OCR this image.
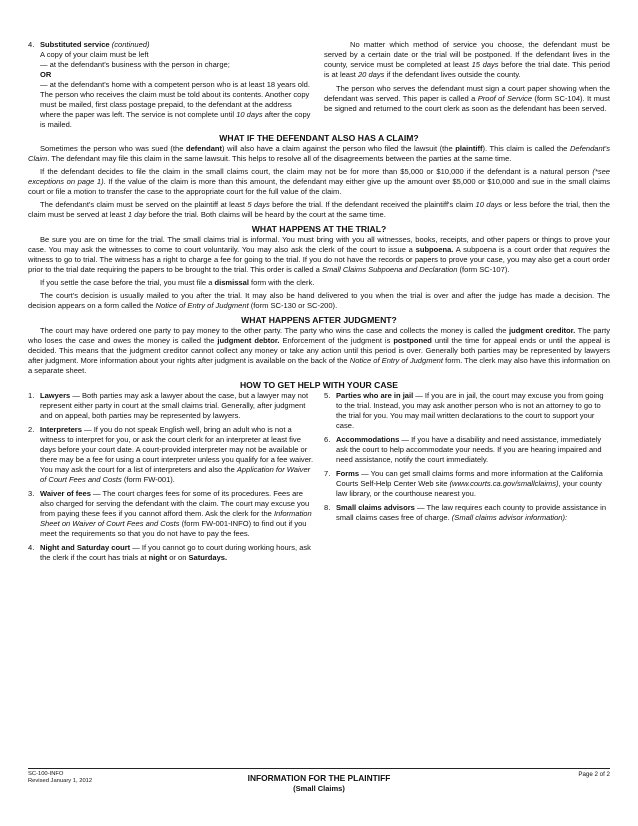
4. Substituted service (continued)

A copy of your claim must be left

— at the defendant's business with the person in charge;

OR

— at the defendant's home with a competent person who is at least 18 years old. The person who receives the claim must be told about its contents. Another copy must be mailed, first class postage prepaid, to the defendant at the address where the paper was left. The service is not complete until 10 days after the copy is mailed.

No matter which method of service you choose, the defendant must be served by a certain date or the trial will be postponed. If the defendant lives in the county, service must be completed at least 15 days before the trial date. This period is at least 20 days if the defendant lives outside the county.

The person who serves the defendant must sign a court paper showing when the defendant was served. This paper is called a Proof of Service (form SC-104). It must be signed and returned to the court clerk as soon as the defendant has been served.

WHAT IF THE DEFENDANT ALSO HAS A CLAIM?

Sometimes the person who was sued (the defendant) will also have a claim against the person who filed the lawsuit (the plaintiff). This claim is called the Defendant's Claim. The defendant may file this claim in the same lawsuit. This helps to resolve all of the disagreements between the parties at the same time.

If the defendant decides to file the claim in the small claims court, the claim may not be for more than $5,000 or $10,000 if the defendant is a natural person (*see exceptions on page 1). If the value of the claim is more than this amount, the defendant may either give up the amount over $5,000 or $10,000 and sue in the small claims court or file a motion to transfer the case to the appropriate court for the full value of the claim.

The defendant's claim must be served on the plaintiff at least 5 days before the trial. If the defendant received the plaintiff's claim 10 days or less before the trial, then the claim must be served at least 1 day before the trial. Both claims will be heard by the court at the same time.

WHAT HAPPENS AT THE TRIAL?

Be sure you are on time for the trial. The small claims trial is informal. You must bring with you all witnesses, books, receipts, and other papers or things to prove your case. You may ask the witnesses to come to court voluntarily. You may also ask the clerk of the court to issue a subpoena. A subpoena is a court order that requires the witness to go to trial. The witness has a right to charge a fee for going to the trial. If you do not have the records or papers to prove your case, you may also get a court order prior to the trial date requiring the papers to be brought to the trial. This order is called a Small Claims Subpoena and Declaration (form SC-107).

If you settle the case before the trial, you must file a dismissal form with the clerk.

The court's decision is usually mailed to you after the trial. It may also be hand delivered to you when the trial is over and after the judge has made a decision. The decision appears on a form called the Notice of Entry of Judgment (form SC-130 or SC-200).

WHAT HAPPENS AFTER JUDGMENT?

The court may have ordered one party to pay money to the other party. The party who wins the case and collects the money is called the judgment creditor. The party who loses the case and owes the money is called the judgment debtor. Enforcement of the judgment is postponed until the time for appeal ends or until the appeal is decided. This means that the judgment creditor cannot collect any money or take any action until this period is over. Generally both parties may be represented by lawyers after judgment. More information about your rights after judgment is available on the back of the Notice of Entry of Judgment form. The clerk may also have this information on a separate sheet.

HOW TO GET HELP WITH YOUR CASE
1. Lawyers — Both parties may ask a lawyer about the case, but a lawyer may not represent either party in court at the small claims trial. Generally, after judgment and on appeal, both parties may be represented by lawyers.

2. Interpreters — If you do not speak English well, bring an adult who is not a witness to interpret for you, or ask the court clerk for an interpreter at least five days before your court date. A court-provided interpreter may not be available or there may be a fee for using a court interpreter unless you qualify for a fee waiver. You may ask the court for a list of interpreters and also the Application for Waiver of Court Fees and Costs (form FW-001).

3. Waiver of fees — The court charges fees for some of its procedures. Fees are also charged for serving the defendant with the claim. The court may excuse you from paying these fees if you cannot afford them. Ask the clerk for the Information Sheet on Waiver of Court Fees and Costs (form FW-001-INFO) to find out if you meet the requirements so that you do not have to pay the fees.

4. Night and Saturday court — If you cannot go to court during working hours, ask the clerk if the court has trials at night or on Saturdays.

5. Parties who are in jail — If you are in jail, the court may excuse you from going to the trial. Instead, you may ask another person who is not an attorney to go to the trial for you. You may mail written declarations to the court to support your case.

6. Accommodations — If you have a disability and need assistance, immediately ask the court to help accommodate your needs. If you are hearing impaired and need assistance, notify the court immediately.

7. Forms — You can get small claims forms and more information at the California Courts Self-Help Center Web site (www.courts.ca.gov/smallclaims), your county law library, or the courthouse nearest you.

8. Small claims advisors — The law requires each county to provide assistance in small claims cases free of charge. (Small claims advisor information):

SC-100-INFO
Revised January 1, 2012	INFORMATION FOR THE PLAINTIFF
(Small Claims)
Page 2 of 2
